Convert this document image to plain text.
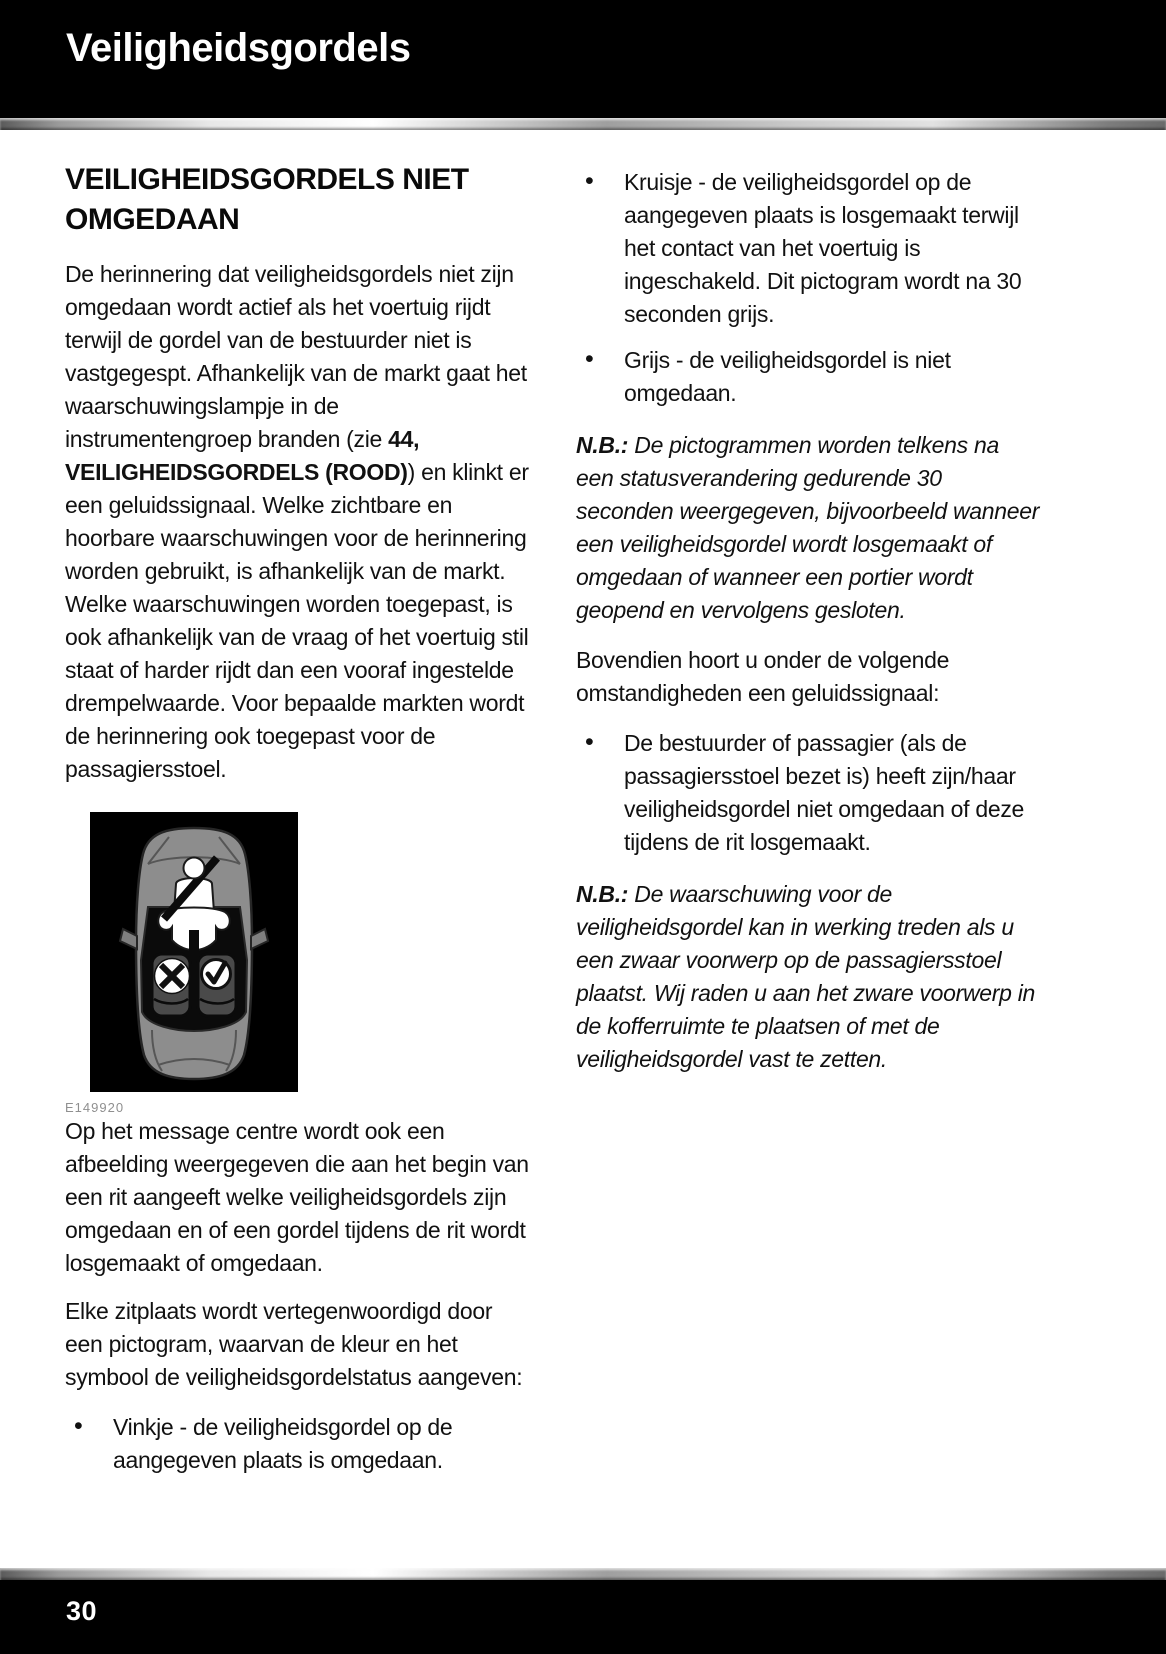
Veiligheidsgordels
VEILIGHEIDSGORDELS NIET OMGEDAAN

De herinnering dat veiligheidsgordels niet zijn omgedaan wordt actief als het voertuig rijdt terwijl de gordel van de bestuurder niet is vastgegespt. Afhankelijk van de markt gaat het waarschuwingslampje in de instrumentengroep branden (zie 44, VEILIGHEIDSGORDELS (ROOD)) en klinkt er een geluidssignaal. Welke zichtbare en hoorbare waarschuwingen voor de herinnering worden gebruikt, is afhankelijk van de markt. Welke waarschuwingen worden toegepast, is ook afhankelijk van de vraag of het voertuig stil staat of harder rijdt dan een vooraf ingestelde drempelwaarde. Voor bepaalde markten wordt de herinnering ook toegepast voor de passagiersstoel.

E149920

Op het message centre wordt ook een afbeelding weergegeven die aan het begin van een rit aangeeft welke veiligheidsgordels zijn omgedaan en of een gordel tijdens de rit wordt losgemaakt of omgedaan.

Elke zitplaats wordt vertegenwoordigd door een pictogram, waarvan de kleur en het symbool de veiligheidsgordelstatus aangeven:

• Vinkje - de veiligheidsgordel op de aangegeven plaats is omgedaan.
• Kruisje - de veiligheidsgordel op de aangegeven plaats is losgemaakt terwijl het contact van het voertuig is ingeschakeld. Dit pictogram wordt na 30 seconden grijs.
• Grijs - de veiligheidsgordel is niet omgedaan.

N.B.: De pictogrammen worden telkens na een statusverandering gedurende 30 seconden weergegeven, bijvoorbeeld wanneer een veiligheidsgordel wordt losgemaakt of omgedaan of wanneer een portier wordt geopend en vervolgens gesloten.

Bovendien hoort u onder de volgende omstandigheden een geluidssignaal:

• De bestuurder of passagier (als de passagiersstoel bezet is) heeft zijn/haar veiligheidsgordel niet omgedaan of deze tijdens de rit losgemaakt.

N.B.: De waarschuwing voor de veiligheidsgordel kan in werking treden als u een zwaar voorwerp op de passagiersstoel plaatst. Wij raden u aan het zware voorwerp in de kofferruimte te plaatsen of met de veiligheidsgordel vast te zetten.

30
